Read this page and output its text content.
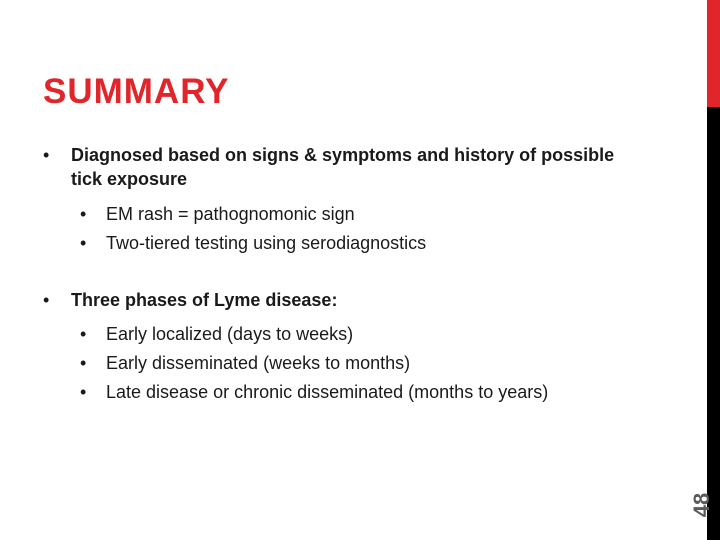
48
SUMMARY
• Diagnosed based on signs & symptoms and history of possible tick exposure
• EM rash = pathognomonic sign
• Two-tiered testing using serodiagnostics
• Three phases of Lyme disease:
• Early localized (days to weeks)
• Early disseminated (weeks to months)
• Late disease or chronic disseminated (months to years)
